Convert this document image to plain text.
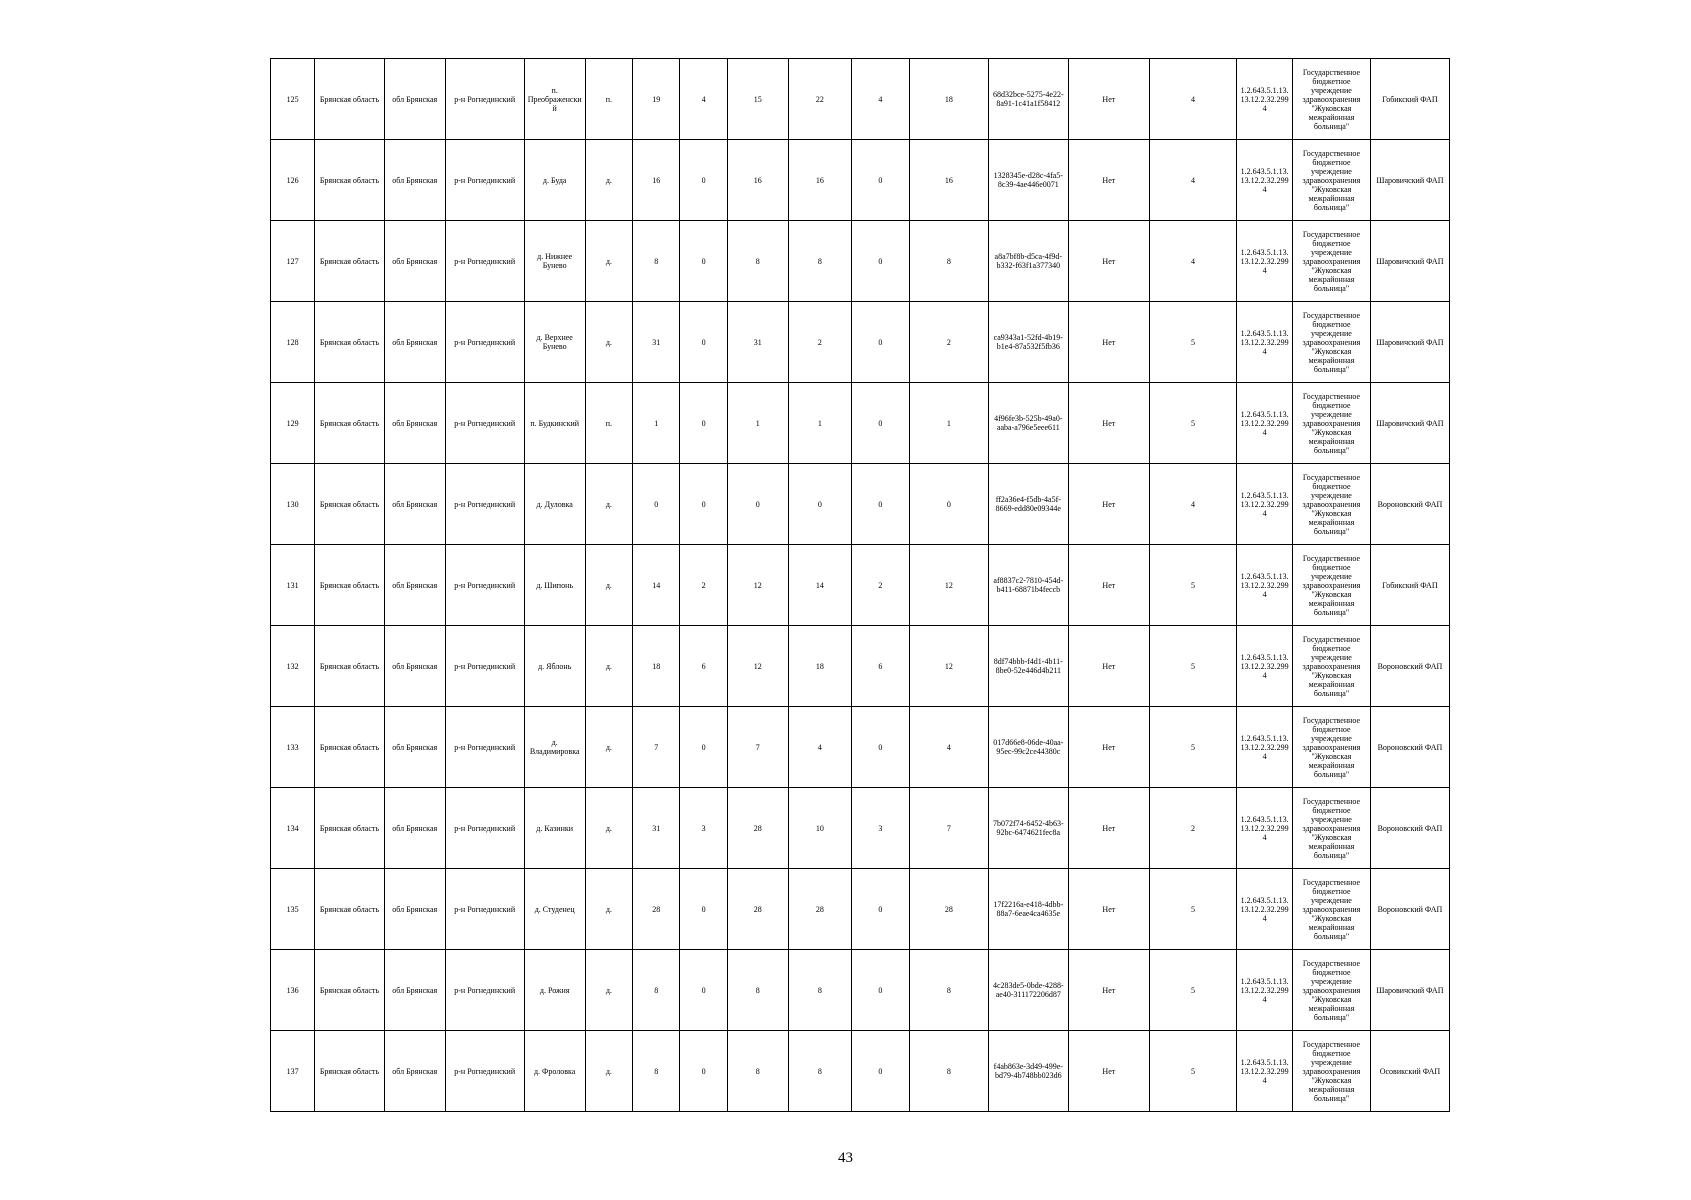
125	Брянская область	обл Брянская	р-н Рогнединский	п. Преображенский	п.	19	4	15	22	4	18	68d32bce-5275-4e22-8a91-1c41a1f58412	Нет	4	1.2.643.5.1.13.13.12.2.32.2994	Государственное бюджетное учреждение здравоохранения "Жуковская межрайонная больница"	Гобикский ФАП
126	Брянская область	обл Брянская	р-н Рогнединский	д. Буда	д.	16	0	16	16	0	16	1328345e-d28c-4fa5-8c39-4ae446e0071	Нет	4	1.2.643.5.1.13.13.12.2.32.2994	Государственное бюджетное учреждение здравоохранения "Жуковская межрайонная больница"	Шаровичский ФАП
127	Брянская область	обл Брянская	р-н Рогнединский	д. Нижнее Бунево	д.	8	0	8	8	0	8	a8a7bf8b-d5ca-4f9d-b332-f63f1a377340	Нет	4	1.2.643.5.1.13.13.12.2.32.2994	Государственное бюджетное учреждение здравоохранения "Жуковская межрайонная больница"	Шаровичский ФАП
128	Брянская область	обл Брянская	р-н Рогнединский	д. Верхнее Бунево	д.	31	0	31	2	0	2	ca9343a1-52fd-4b19-b1e4-87a532f5fb36	Нет	5	1.2.643.5.1.13.13.12.2.32.2994	Государственное бюджетное учреждение здравоохранения "Жуковская межрайонная больница"	Шаровичский ФАП
129	Брянская область	обл Брянская	р-н Рогнединский	п. Будкинский	п.	1	0	1	1	0	1	4f96fe3b-525b-49a0-aaba-a796e5eee611	Нет	5	1.2.643.5.1.13.13.12.2.32.2994	Государственное бюджетное учреждение здравоохранения "Жуковская межрайонная больница"	Шаровичский ФАП
130	Брянская область	обл Брянская	р-н Рогнединский	д. Дуловка	д.	0	0	0	0	0	0	ff2a36e4-f5db-4a5f-8669-edd80e09344e	Нет	4	1.2.643.5.1.13.13.12.2.32.2994	Государственное бюджетное учреждение здравоохранения "Жуковская межрайонная больница"	Вороновский ФАП
131	Брянская область	обл Брянская	р-н Рогнединский	д. Шипонь	д.	14	2	12	14	2	12	af8837c2-7810-454d-b411-68871b4feccb	Нет	5	1.2.643.5.1.13.13.12.2.32.2994	Государственное бюджетное учреждение здравоохранения "Жуковская межрайонная больница"	Гобикский ФАП
132	Брянская область	обл Брянская	р-н Рогнединский	д. Яблонь	д.	18	6	12	18	6	12	8df74bbb-f4d1-4b11-8be0-52e446d4b211	Нет	5	1.2.643.5.1.13.13.12.2.32.2994	Государственное бюджетное учреждение здравоохранения "Жуковская межрайонная больница"	Вороновский ФАП
133	Брянская область	обл Брянская	р-н Рогнединский	д. Владимировка	д.	7	0	7	4	0	4	017d66e8-06de-40aa-95ec-99c2ce44380c	Нет	5	1.2.643.5.1.13.13.12.2.32.2994	Государственное бюджетное учреждение здравоохранения "Жуковская межрайонная больница"	Вороновский ФАП
134	Брянская область	обл Брянская	р-н Рогнединский	д. Казинки	д.	31	3	28	10	3	7	7b072f74-6452-4b63-92bc-6474621fec8a	Нет	2	1.2.643.5.1.13.13.12.2.32.2994	Государственное бюджетное учреждение здравоохранения "Жуковская межрайонная больница"	Вороновский ФАП
135	Брянская область	обл Брянская	р-н Рогнединский	д. Студенец	д.	28	0	28	28	0	28	17f2216a-e418-4dbb-88a7-6eae4ca4635e	Нет	5	1.2.643.5.1.13.13.12.2.32.2994	Государственное бюджетное учреждение здравоохранения "Жуковская межрайонная больница"	Вороновский ФАП
136	Брянская область	обл Брянская	р-н Рогнединский	д. Рожня	д.	8	0	8	8	0	8	4c283de5-0bde-4288-ae40-311172206d87	Нет	5	1.2.643.5.1.13.13.12.2.32.2994	Государственное бюджетное учреждение здравоохранения "Жуковская межрайонная больница"	Шаровичский ФАП
137	Брянская область	обл Брянская	р-н Рогнединский	д. Фроловка	д.	8	0	8	8	0	8	f4ab863e-3d49-499e-bd79-4b748bb023d6	Нет	5	1.2.643.5.1.13.13.12.2.32.2994	Государственное бюджетное учреждение здравоохранения "Жуковская межрайонная больница"	Осовикский ФАП
43
